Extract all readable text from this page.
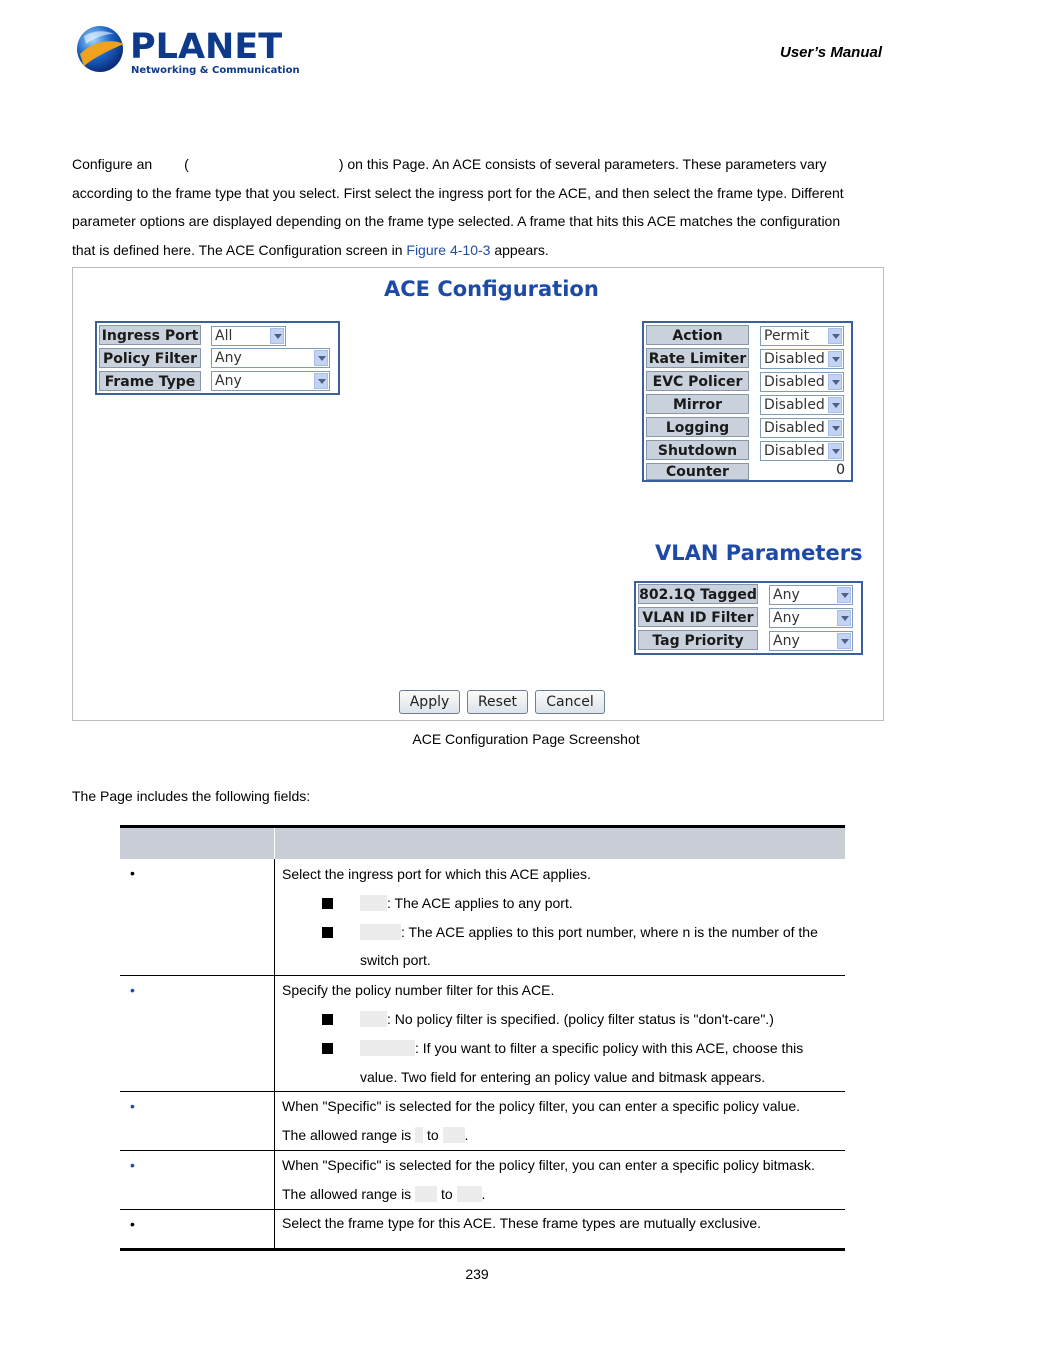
PLANET
Networking & Communication
User’s Manual
Configure an (	) on this Page. An ACE consists of several parameters. These parameters vary
according to the frame type that you select. First select the ingress port for the ACE, and then select the frame type. Different
parameter options are displayed depending on the frame type selected. A frame that hits this ACE matches the configuration
that is defined here. The ACE Configuration screen in Figure 4-10-3 appears.
ACE Configuration
Ingress Port All
Policy Filter Any
Frame Type	Any
Action	Permit
Rate Limiter Disabled
EVC Policer	Disabled
Mirror	Disabled
Logging	Disabled
Shutdown	Disabled
Counter	0
VLAN Parameters
802.1Q Tagged Any
VLAN ID Filter	Any
Tag Priority	Any
Apply	Reset	Cancel
ACE Configuration Page Screenshot
The Page includes the following fields:
•	Select the ingress port for which this ACE applies.
: The ACE applies to any port.
: The ACE applies to this port number, where n is the number of the
switch port.
•	Specify the policy number filter for this ACE.
: No policy filter is specified. (policy filter status is "don't-care".)
: If you want to filter a specific policy with this ACE, choose this
value. Two field for entering an policy value and bitmask appears.
•	When "Specific" is selected for the policy filter, you can enter a specific policy value.
The allowed range is to .
•	When "Specific" is selected for the policy filter, you can enter a specific policy bitmask.
The allowed range is to .
•	Select the frame type for this ACE. These frame types are mutually exclusive.
239
